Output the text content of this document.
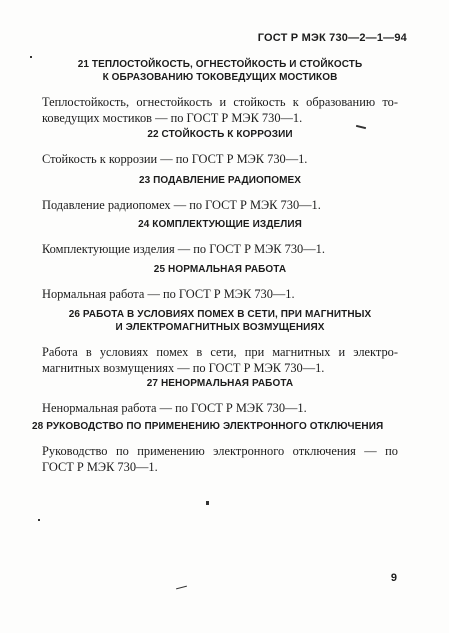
ГОСТ Р МЭК 730—2—1—94
21 ТЕПЛОСТОЙКОСТЬ, ОГНЕСТОЙКОСТЬ И СТОЙКОСТЬ
К ОБРАЗОВАНИЮ ТОКОВЕДУЩИХ МОСТИКОВ
Теплостойкость, огнестойкость и стойкость к образованию то-
коведущих мостиков — по ГОСТ Р МЭК 730—1.
22 СТОЙКОСТЬ К КОРРОЗИИ
Стойкость к коррозии — по ГОСТ Р МЭК 730—1.
23 ПОДАВЛЕНИЕ РАДИОПОМЕХ
Подавление радиопомех — по ГОСТ Р МЭК 730—1.
24 КОМПЛЕКТУЮЩИЕ ИЗДЕЛИЯ
Комплектующие изделия — по ГОСТ Р МЭК 730—1.
25 НОРМАЛЬНАЯ РАБОТА
Нормальная работа — по ГОСТ Р МЭК 730—1.
26 РАБОТА В УСЛОВИЯХ ПОМЕХ В СЕТИ, ПРИ МАГНИТНЫХ
И ЭЛЕКТРОМАГНИТНЫХ ВОЗМУЩЕНИЯХ
Работа в условиях помех в сети, при магнитных и электро-
магнитных возмущениях — по ГОСТ Р МЭК 730—1.
27 НЕНОРМАЛЬНАЯ РАБОТА
Ненормальная работа — по ГОСТ Р МЭК 730—1.
28 РУКОВОДСТВО ПО ПРИМЕНЕНИЮ ЭЛЕКТРОННОГО ОТКЛЮЧЕНИЯ
Руководство по применению электронного отключения — по
ГОСТ Р МЭК 730—1.
9
